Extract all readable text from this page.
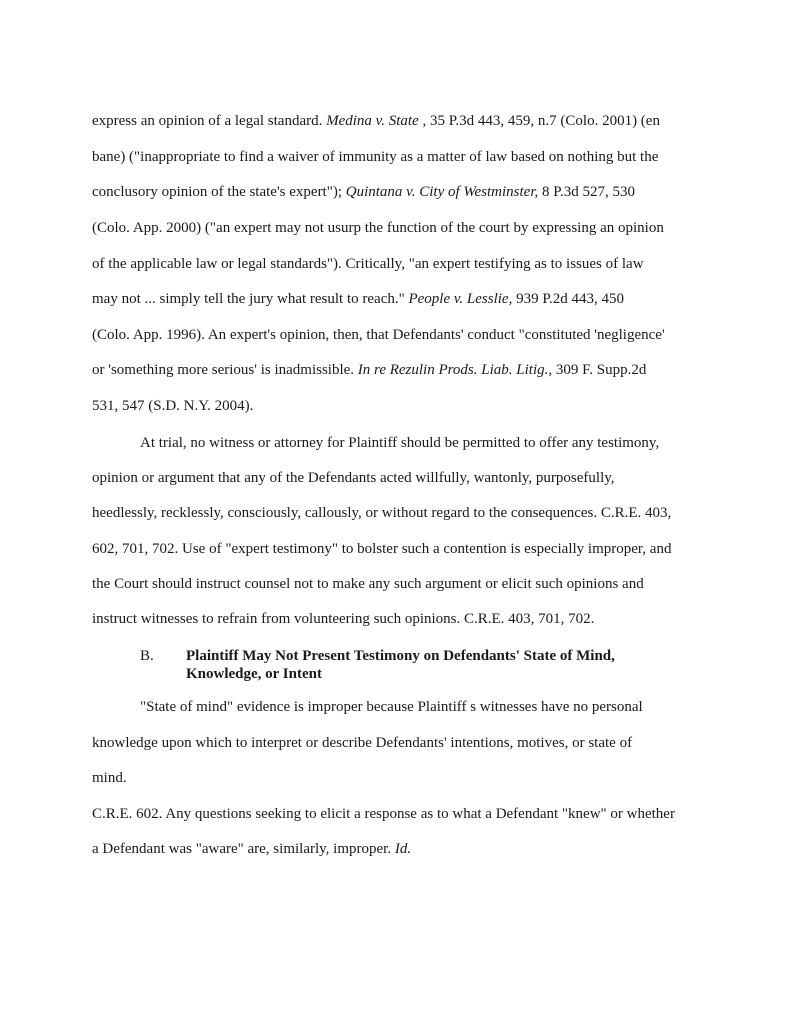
express an opinion of a legal standard. Medina v. State , 35 P.3d 443, 459, n.7 (Colo. 2001) (en
bane) ("inappropriate to find a waiver of immunity as a matter of law based on nothing but the
conclusory opinion of the state's expert"); Quintana v. City of Westminster, 8 P.3d 527, 530
(Colo. App. 2000) ("an expert may not usurp the function of the court by expressing an opinion
of the applicable law or legal standards"). Critically, "an expert testifying as to issues of law
may not ... simply tell the jury what result to reach." People v. Lesslie, 939 P.2d 443, 450
(Colo. App. 1996). An expert's opinion, then, that Defendants' conduct "constituted 'negligence'
or 'something more serious' is inadmissible. In re Rezulin Prods. Liab. Litig., 309 F. Supp.2d
531, 547 (S.D. N.Y. 2004).
At trial, no witness or attorney for Plaintiff should be permitted to offer any testimony,
opinion or argument that any of the Defendants acted willfully, wantonly, purposefully,
heedlessly, recklessly, consciously, callously, or without regard to the consequences. C.R.E. 403,
602, 701, 702. Use of "expert testimony" to bolster such a contention is especially improper, and
the Court should instruct counsel not to make any such argument or elicit such opinions and
instruct witnesses to refrain from volunteering such opinions. C.R.E. 403, 701, 702.
B. Plaintiff May Not Present Testimony on Defendants' State of Mind,
Knowledge, or Intent
"State of mind" evidence is improper because Plaintiff s witnesses have no personal
knowledge upon which to interpret or describe Defendants' intentions, motives, or state of
mind.
C.R.E. 602. Any questions seeking to elicit a response as to what a Defendant "knew" or whether
a Defendant was "aware" are, similarly, improper. Id.
